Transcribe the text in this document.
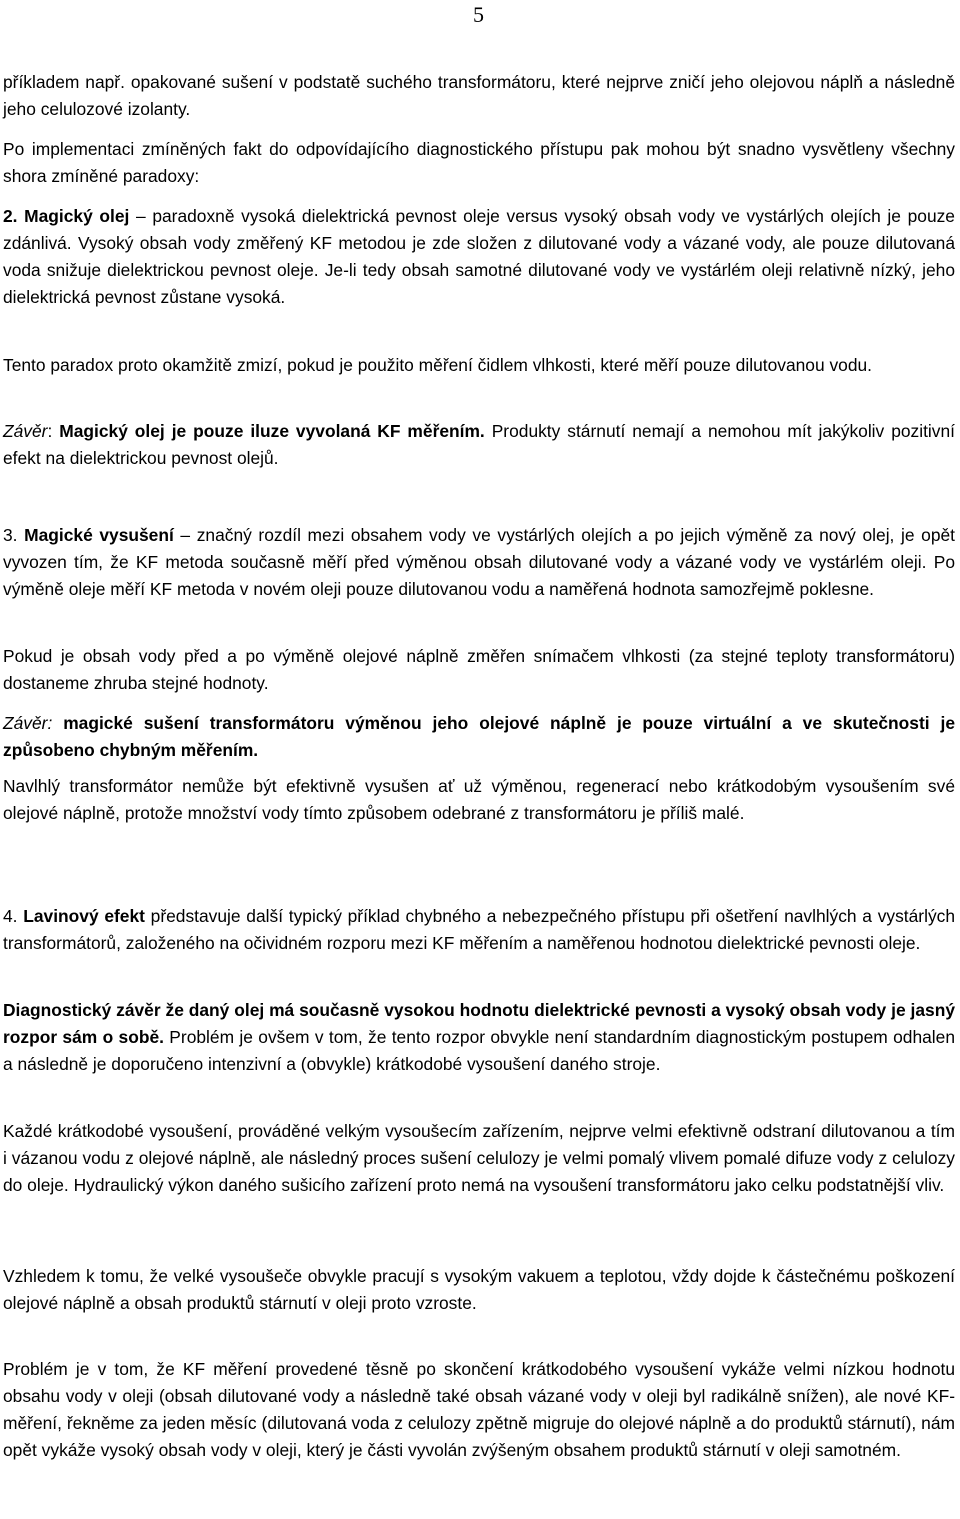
5

příkladem např. opakované sušení v podstatě suchého transformátoru, které nejprve zničí jeho olejovou náplň a následně jeho celulozové izolanty.

Po implementaci zmíněných fakt do odpovídajícího diagnostického přístupu pak mohou být snadno vysvětleny všechny shora zmíněné paradoxy:

2. Magický olej – paradoxně vysoká dielektrická pevnost oleje versus vysoký obsah vody ve vystárlých olejích je pouze zdánlivá. Vysoký obsah vody změřený KF metodou je zde složen z dilutované vody a vázané vody, ale pouze dilutovaná voda snižuje dielektrickou pevnost oleje. Je-li tedy obsah samotné dilutované vody ve vystárlém oleji relativně nízký, jeho dielektrická pevnost zůstane vysoká.

Tento paradox proto okamžitě zmizí, pokud je použito měření čidlem vlhkosti, které měří pouze dilutovanou vodu.

Závěr: Magický olej je pouze iluze vyvolaná KF měřením. Produkty stárnutí nemají a nemohou mít jakýkoliv pozitivní efekt na dielektrickou pevnost olejů.

3. Magické vysušení – značný rozdíl mezi obsahem vody ve vystárlých olejích a po jejich výměně za nový olej, je opět vyvozen tím, že KF metoda současně měří před výměnou obsah dilutované vody a vázané vody ve vystárlém oleji. Po výměně oleje měří KF metoda v novém oleji pouze dilutovanou vodu a naměřená hodnota samozřejmě poklesne.

Pokud je obsah vody před a po výměně olejové náplně změřen snímačem vlhkosti (za stejné teploty transformátoru) dostaneme zhruba stejné hodnoty.

Závěr: magické sušení transformátoru výměnou jeho olejové náplně je pouze virtuální a ve skutečnosti je způsobeno chybným měřením.

Navlhlý transformátor nemůže být efektivně vysušen ať už výměnou, regenerací nebo krátkodobým vysoušením své olejové náplně, protože množství vody tímto způsobem odebrané z transformátoru je příliš malé.

4. Lavinový efekt představuje další typický příklad chybného a nebezpečného přístupu při ošetření navlhlých a vystárlých transformátorů, založeného na očividném rozporu mezi KF měřením a naměřenou hodnotou dielektrické pevnosti oleje.

Diagnostický závěr že daný olej má současně vysokou hodnotu dielektrické pevnosti a vysoký obsah vody je jasný rozpor sám o sobě. Problém je ovšem v tom, že tento rozpor obvykle není standardním diagnostickým postupem odhalen a následně je doporučeno intenzivní a (obvykle) krátkodobé vysoušení daného stroje.

Každé krátkodobé vysoušení, prováděné velkým vysoušecím zařízením, nejprve velmi efektivně odstraní dilutovanou a tím i vázanou vodu z olejové náplně, ale následný proces sušení celulozy je velmi pomalý vlivem pomalé difuze vody z celulozy do oleje. Hydraulický výkon daného sušicího zařízení proto nemá na vysoušení transformátoru jako celku podstatnější vliv.

Vzhledem k tomu, že velké vysoušeče obvykle pracují s vysokým vakuem a teplotou, vždy dojde k částečnému poškození olejové náplně a obsah produktů stárnutí v oleji proto vzroste.

Problém je v tom, že KF měření provedené těsně po skončení krátkodobého vysoušení vykáže velmi nízkou hodnotu obsahu vody v oleji (obsah dilutované vody a následně také obsah vázané vody v oleji byl radikálně snížen), ale nové KF-měření, řekněme za jeden měsíc (dilutovaná voda z celulozy zpětně migruje do olejové náplně a do produktů stárnutí), nám opět vykáže vysoký obsah vody v oleji, který je části vyvolán zvýšeným obsahem produktů stárnutí v oleji samotném.
